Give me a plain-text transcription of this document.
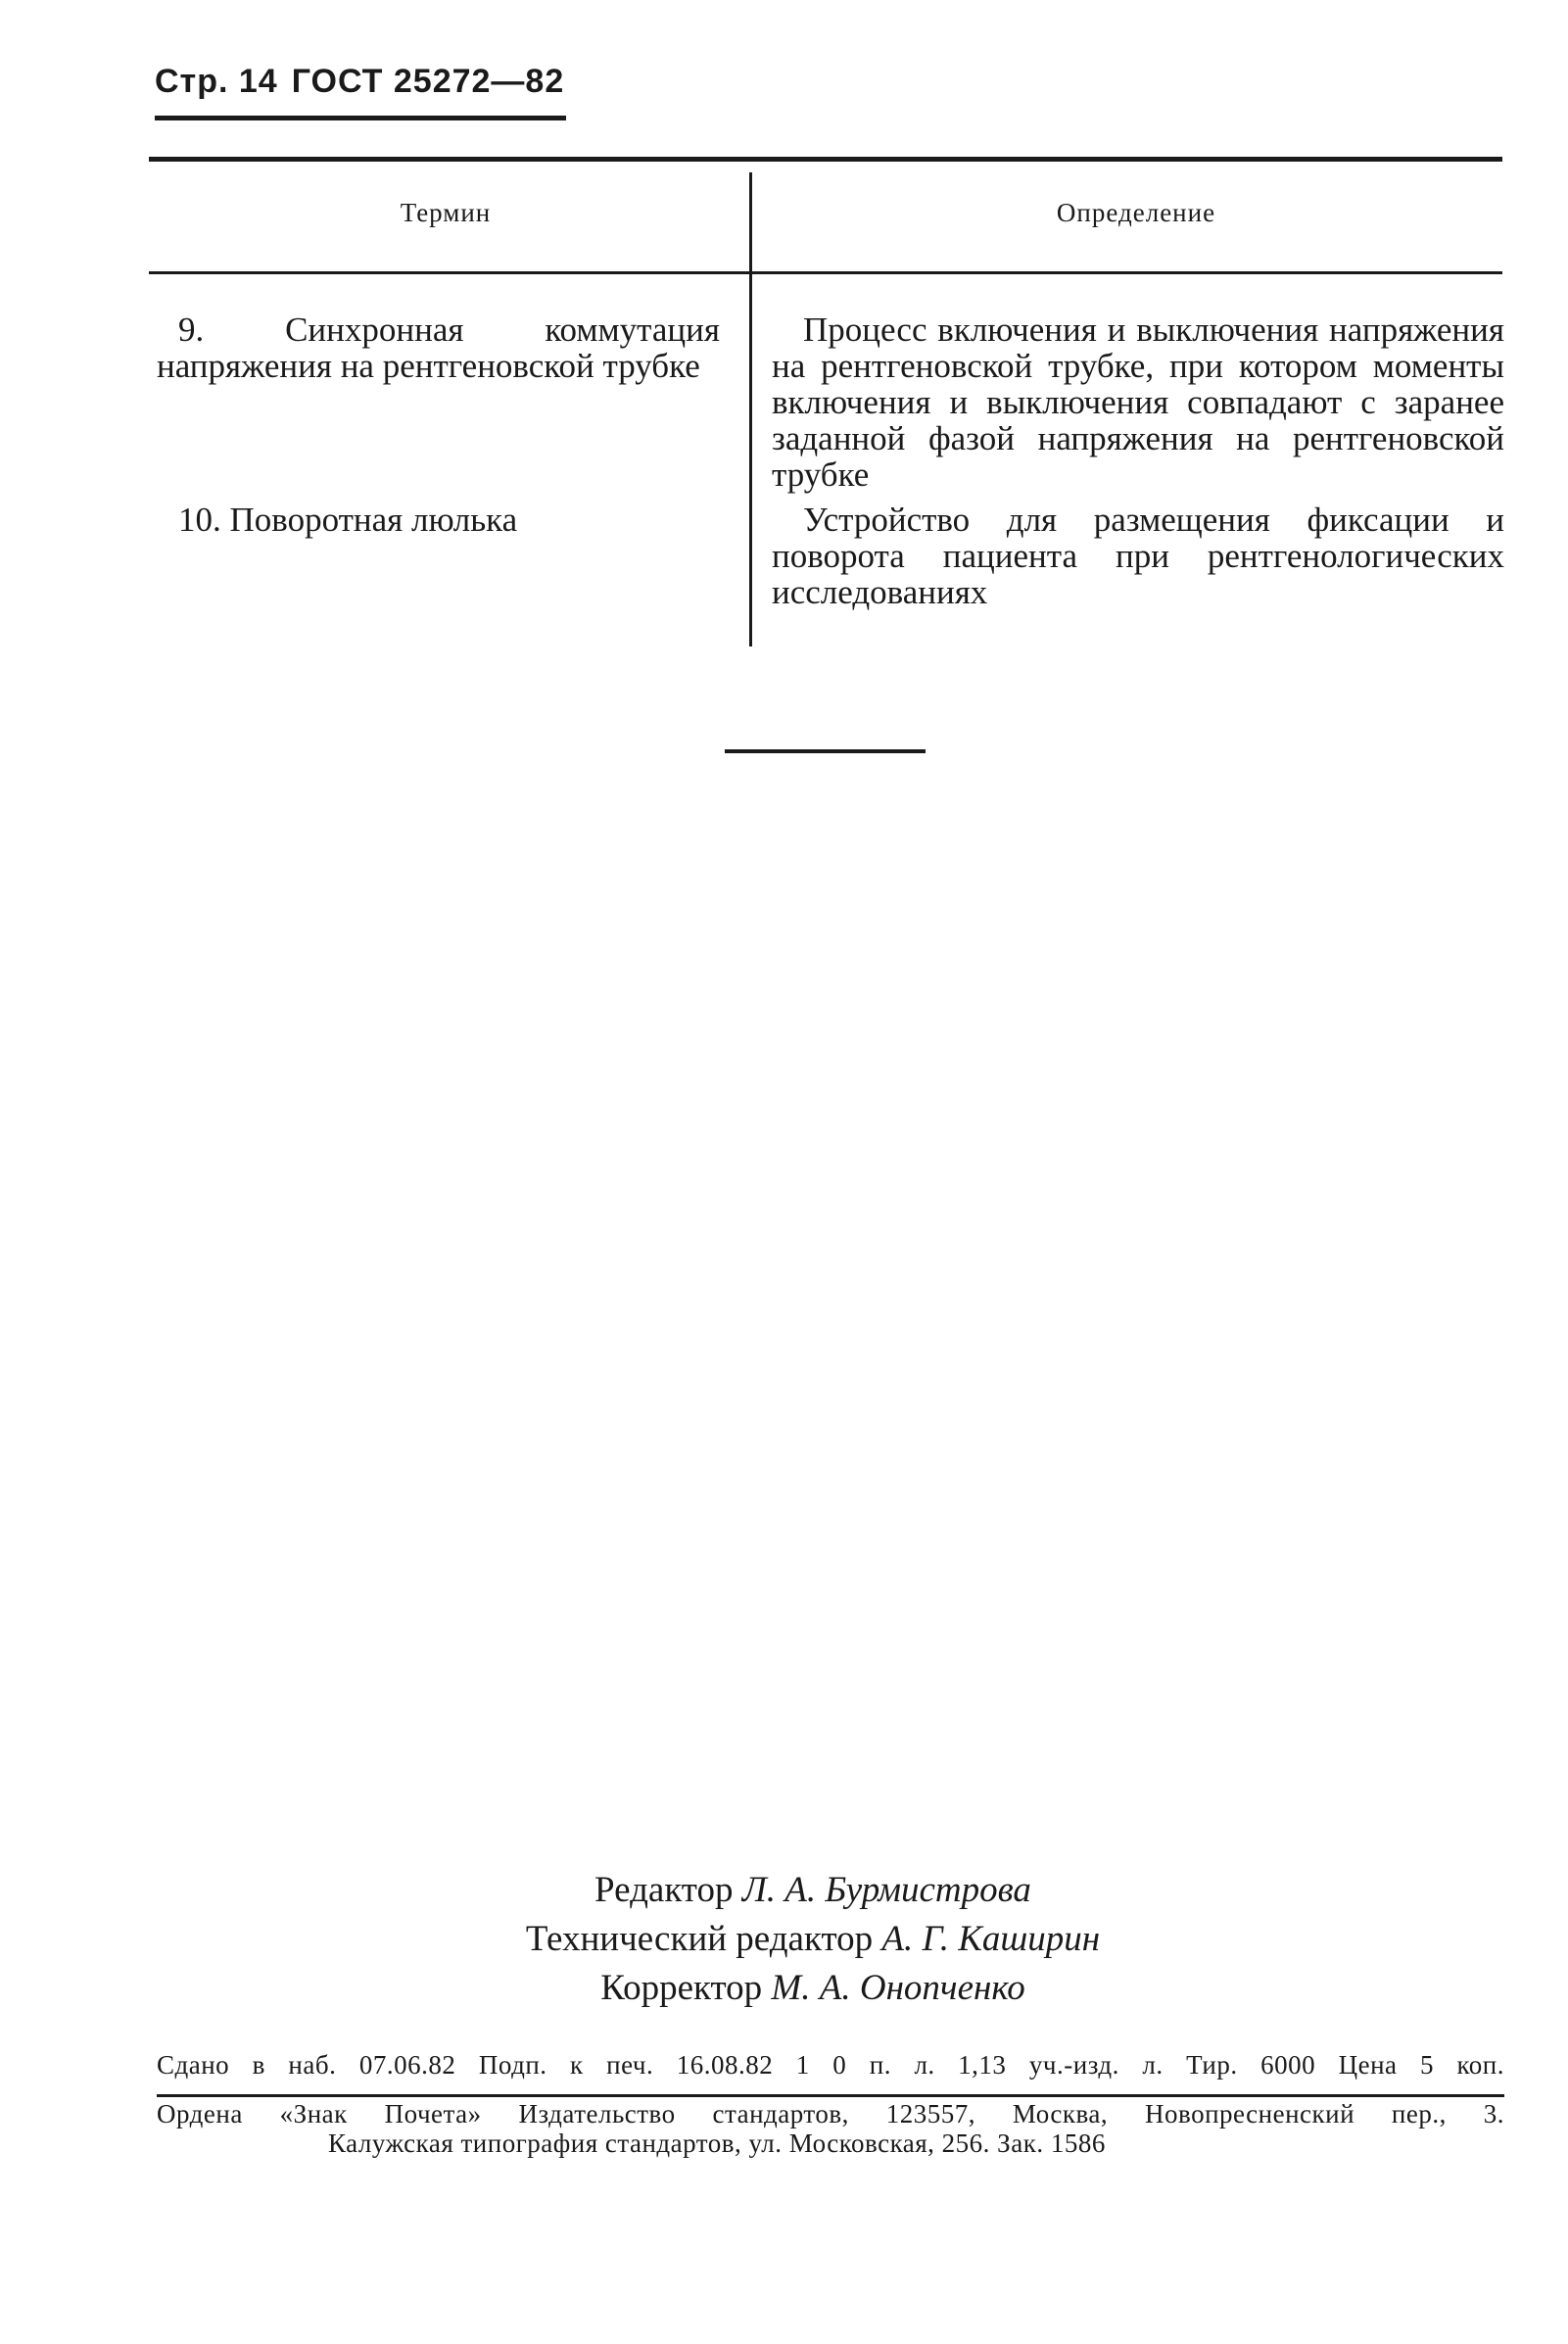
Стр. 14 ГОСТ 25272—82
Термин	Определение
9. Синхронная коммутация напряжения на рентгеновской трубке
Процесс включения и выключения напряжения на рентгеновской трубке, при котором моменты включения и выключения совпадают с заранее заданной фазой напряжения на рентгеновской трубке
10. Поворотная люлька	Устройство для размещения фиксации и поворота пациента при рентгенологических исследованиях
Редактор Л. А. Бурмистрова
Технический редактор А. Г. Каширин
Корректор М. А. Онопченко
Сдано в наб. 07.06.82 Подп. к печ. 16.08.82 1 0 п. л. 1,13 уч.-изд. л. Тир. 6000 Цена 5 коп.
Ордена «Знак Почета» Издательство стандартов, 123557, Москва, Новопресненский пер., 3.
Калужская типография стандартов, ул. Московская, 256. Зак. 1586
